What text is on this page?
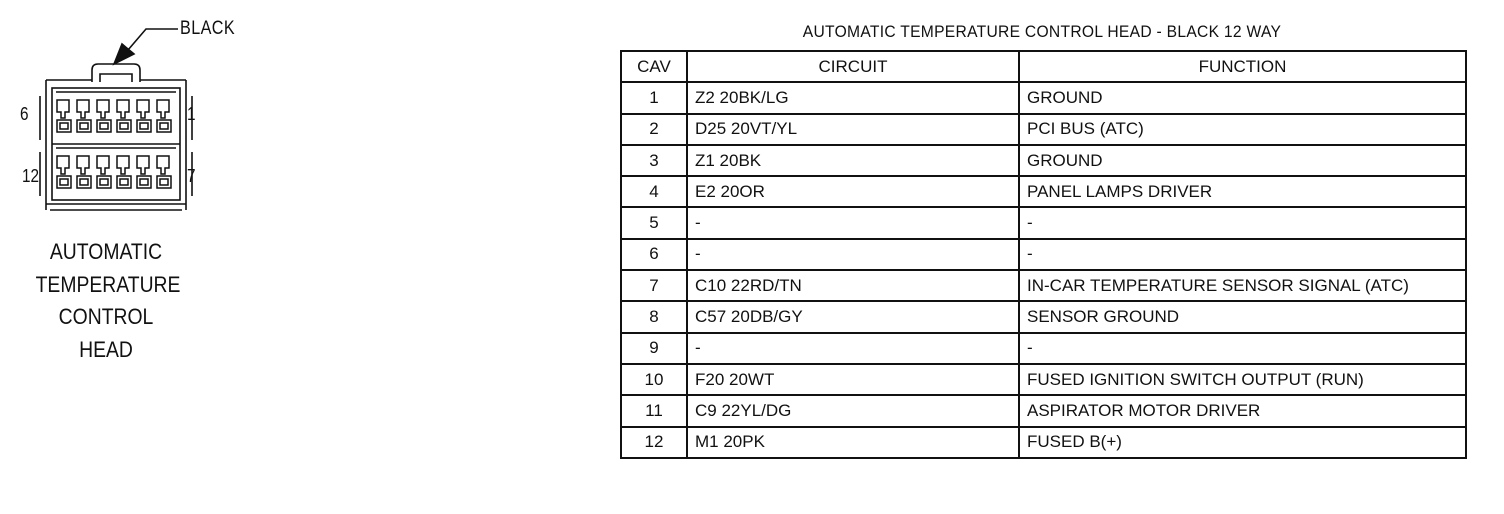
BLACK
6	1
12	7
AUTOMATIC
TEMPERATURE
CONTROL
HEAD
AUTOMATIC TEMPERATURE CONTROL HEAD - BLACK 12 WAY
CAV	CIRCUIT	FUNCTION
1	Z2 20BK/LG	GROUND
2	D25 20VT/YL	PCI BUS (ATC)
3	Z1 20BK	GROUND
4	E2 20OR	PANEL LAMPS DRIVER
5	-	-
6	-	-
7	C10 22RD/TN	IN-CAR TEMPERATURE SENSOR SIGNAL (ATC)
8	C57 20DB/GY	SENSOR GROUND
9	-	-
10	F20 20WT	FUSED IGNITION SWITCH OUTPUT (RUN)
11	C9 22YL/DG	ASPIRATOR MOTOR DRIVER
12	M1 20PK	FUSED B(+)
